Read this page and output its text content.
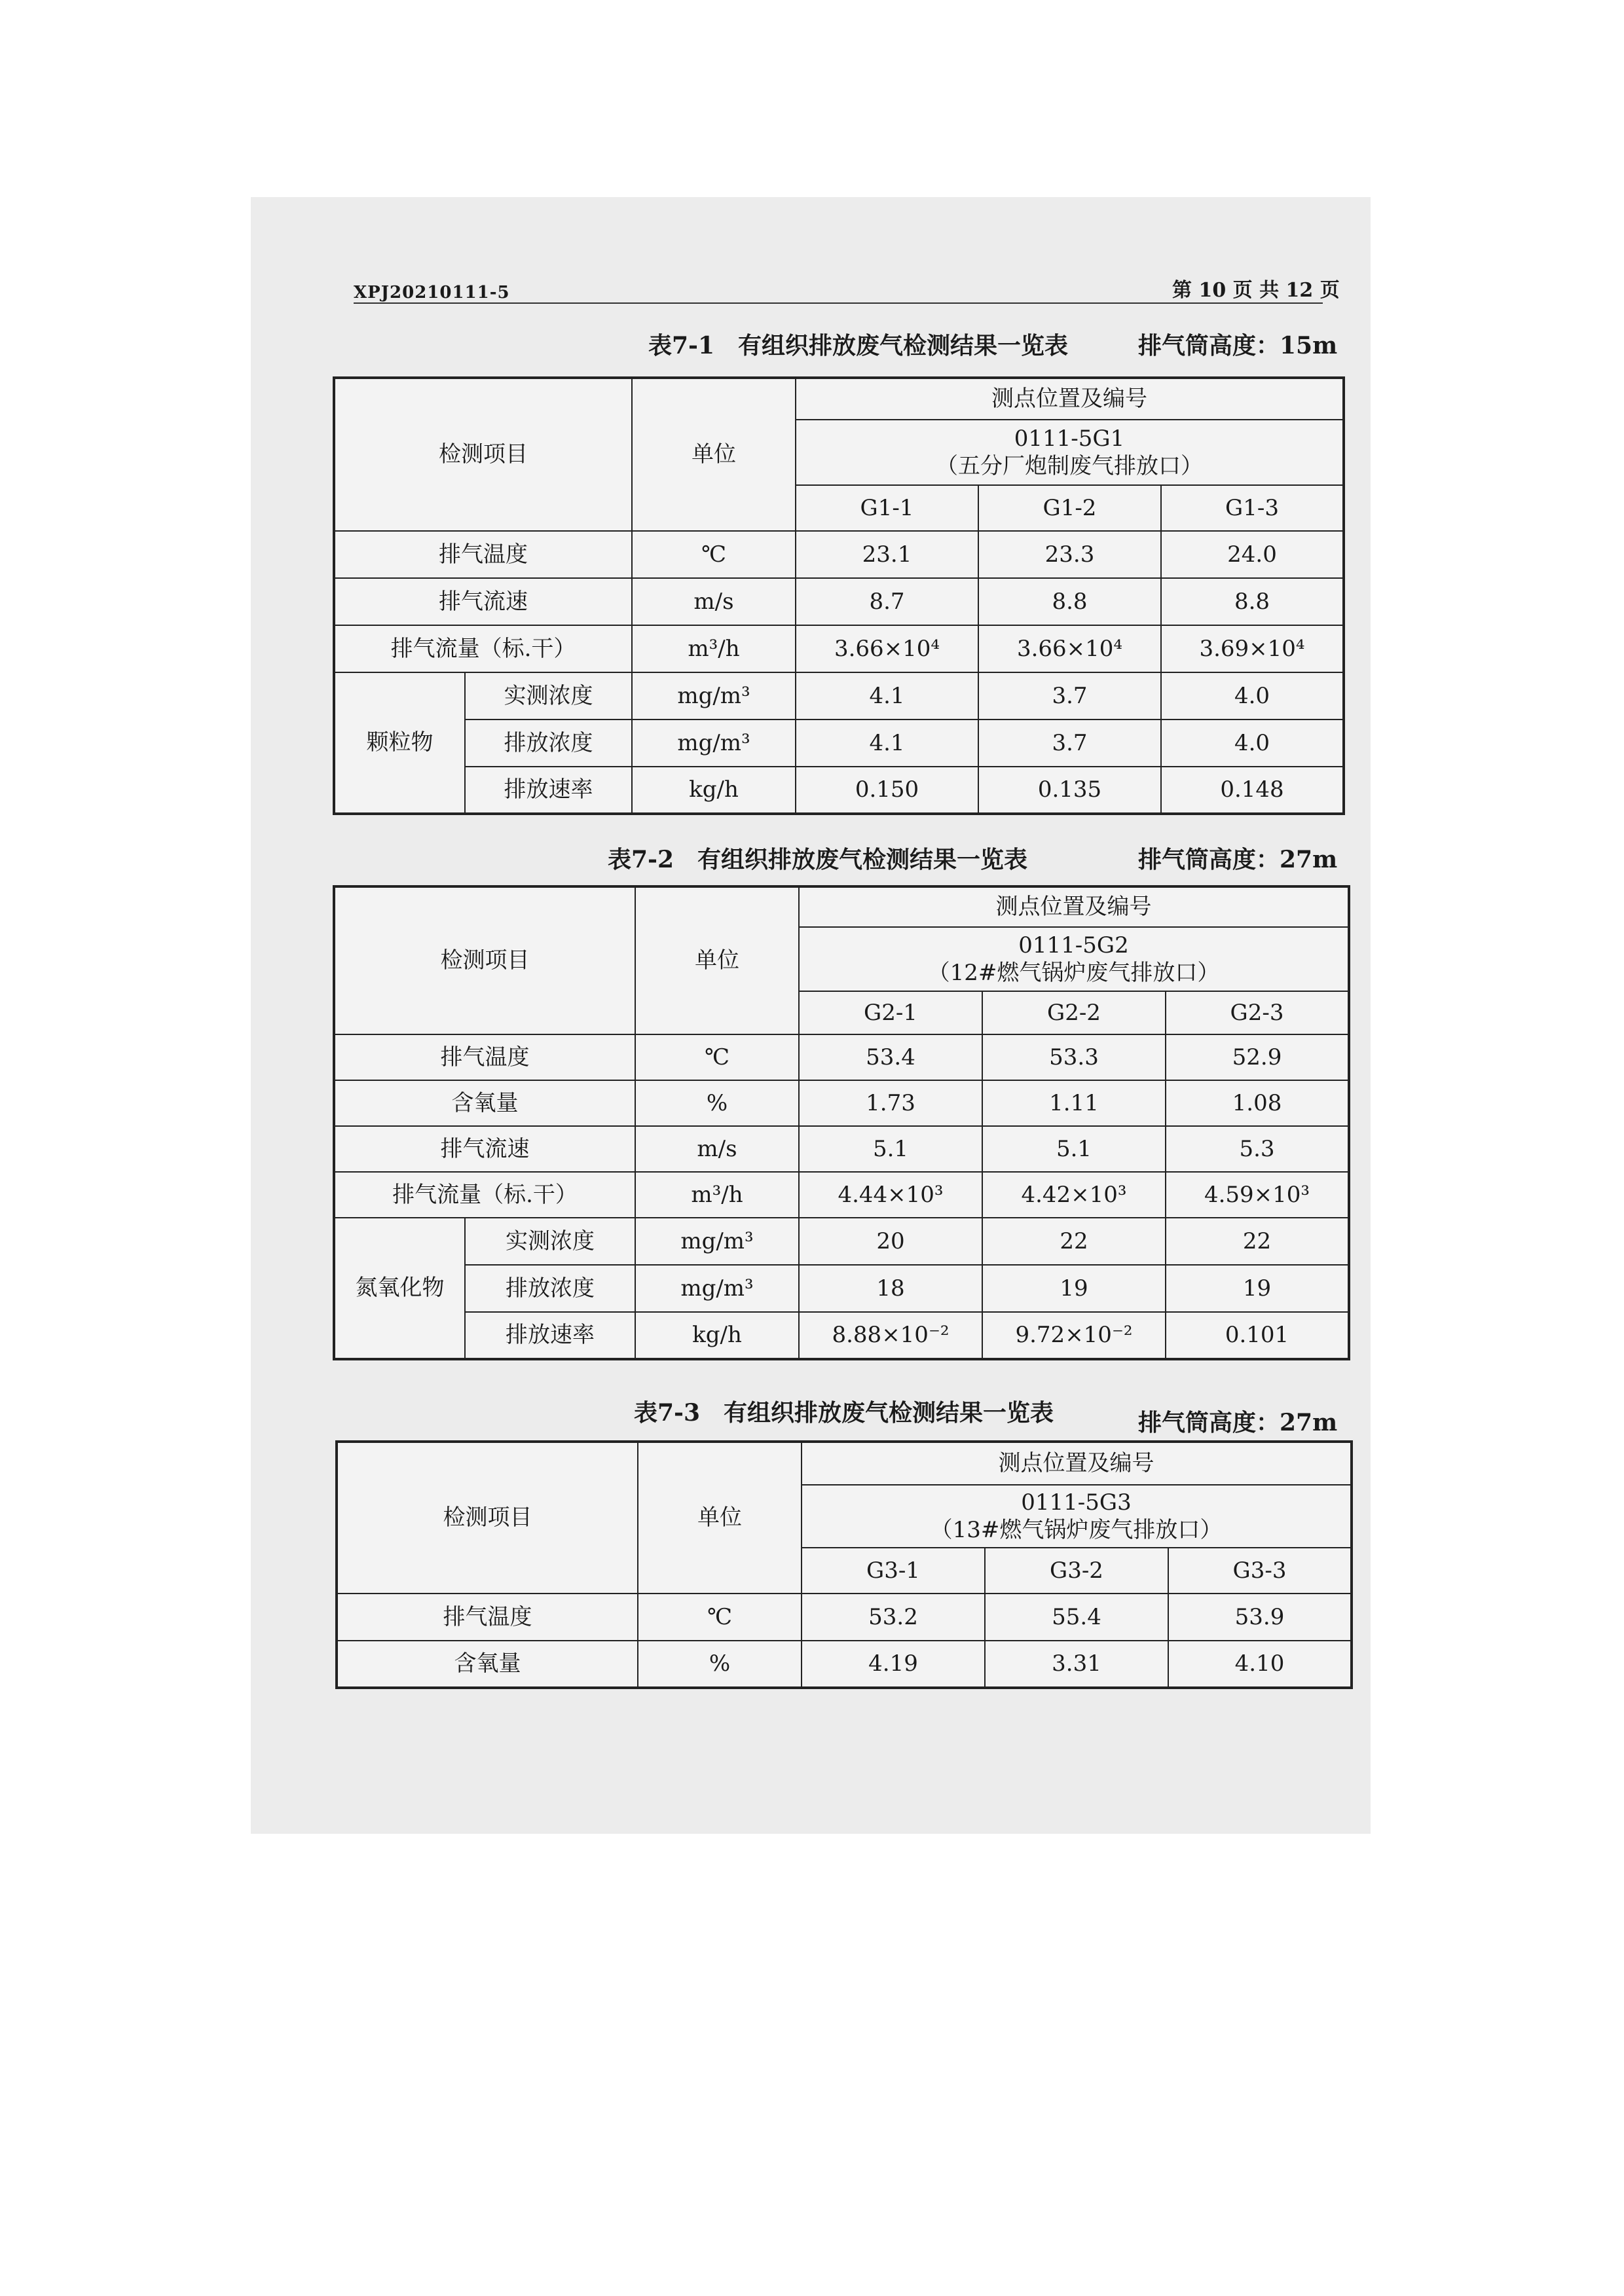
XPJ20210111-5	第 10 页 共 12 页
表7-1　有组织排放废气检测结果一览表	排气筒高度：15m
检测项目		单位	测点位置及编号		

			0111-5G1
（五分厂炮制废气排放口）		

			G1-1	G1-2	G1-3
排气温度		℃	23.1	23.3	24.0
排气流速		m/s	8.7	8.8	8.8
排气流量（标.干）		m³/h	3.66×10⁴	3.66×10⁴	3.69×10⁴
颗粒物	实测浓度	mg/m³	4.1	3.7	4.0
	排放浓度	mg/m³	4.1	3.7	4.0
	排放速率	kg/h	0.150	0.135	0.148
表7-2　有组织排放废气检测结果一览表	排气筒高度：27m
检测项目		单位	测点位置及编号		

			0111-5G2
（12#燃气锅炉废气排放口）		

			G2-1	G2-2	G2-3
排气温度		℃	53.4	53.3	52.9
含氧量		%	1.73	1.11	1.08
排气流速		m/s	5.1	5.1	5.3
排气流量（标.干）		m³/h	4.44×10³	4.42×10³	4.59×10³
氮氧化物	实测浓度	mg/m³	20	22	22
	排放浓度	mg/m³	18	19	19
	排放速率	kg/h	8.88×10⁻²	9.72×10⁻²	0.101
表7-3　有组织排放废气检测结果一览表	排气筒高度：27m
检测项目	单位	测点位置及编号		

		0111-5G3
（13#燃气锅炉废气排放口）		

		G3-1	G3-2	G3-3
排气温度	℃	53.2	55.4	53.9
含氧量	%	4.19	3.31	4.10
